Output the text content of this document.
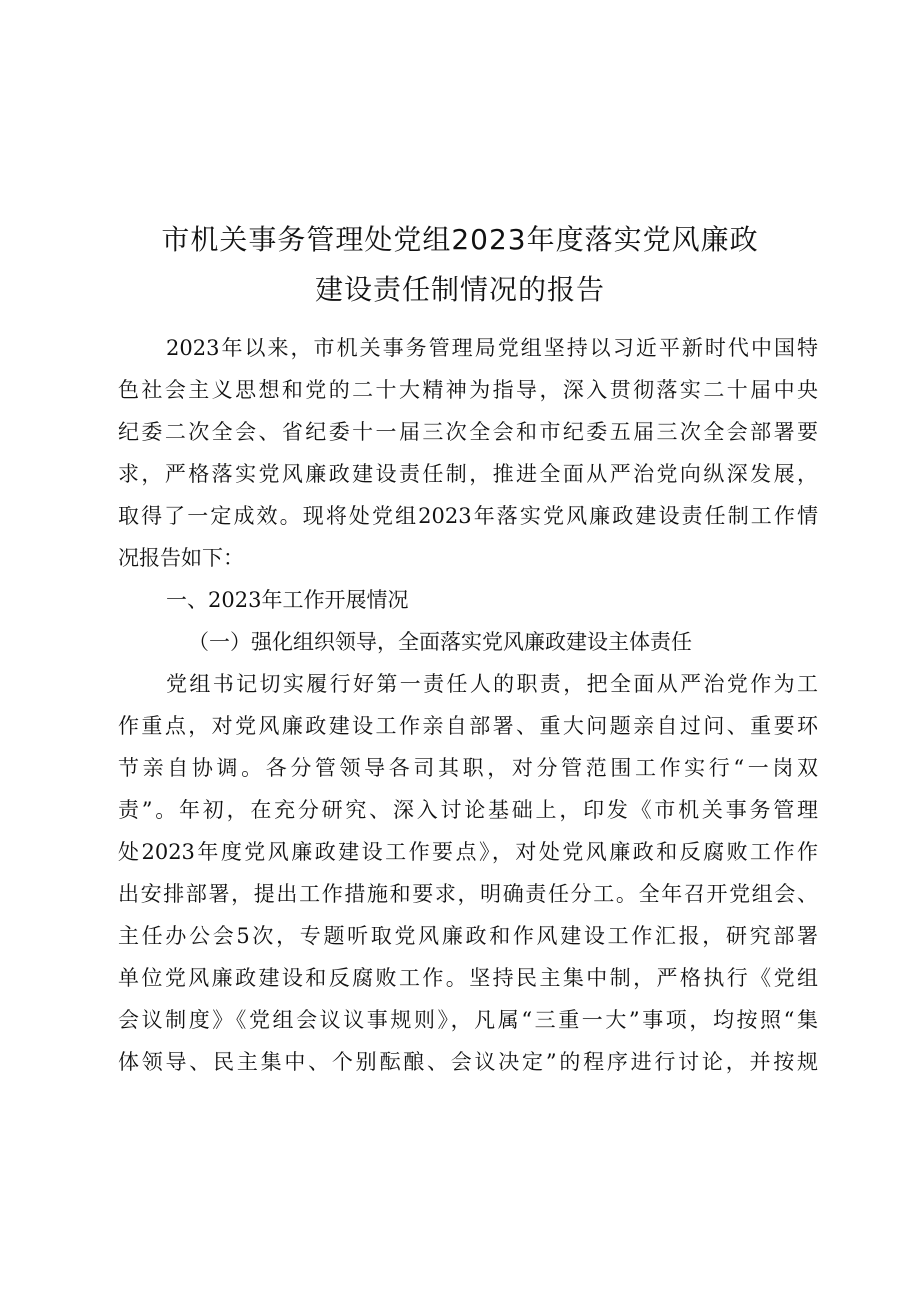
市机关事务管理处党组2023年度落实党风廉政
建设责任制情况的报告
2023年以来，市机关事务管理局党组坚持以习近平新时代中国特
色社会主义思想和党的二十大精神为指导，深入贯彻落实二十届中央
纪委二次全会、省纪委十一届三次全会和市纪委五届三次全会部署要
求，严格落实党风廉政建设责任制，推进全面从严治党向纵深发展，
取得了一定成效。现将处党组2023年落实党风廉政建设责任制工作情
况报告如下：
一、2023年工作开展情况
（一）强化组织领导，全面落实党风廉政建设主体责任
党组书记切实履行好第一责任人的职责，把全面从严治党作为工
作重点，对党风廉政建设工作亲自部署、重大问题亲自过问、重要环
节亲自协调。各分管领导各司其职，对分管范围工作实行“一岗双
责”。年初，在充分研究、深入讨论基础上，印发《市机关事务管理
处2023年度党风廉政建设工作要点》，对处党风廉政和反腐败工作作
出安排部署，提出工作措施和要求，明确责任分工。全年召开党组会、
主任办公会5次，专题听取党风廉政和作风建设工作汇报，研究部署
单位党风廉政建设和反腐败工作。坚持民主集中制，严格执行《党组
会议制度》《党组会议议事规则》，凡属“三重一大”事项，均按照“集
体领导、民主集中、个别酝酿、会议决定”的程序进行讨论，并按规
